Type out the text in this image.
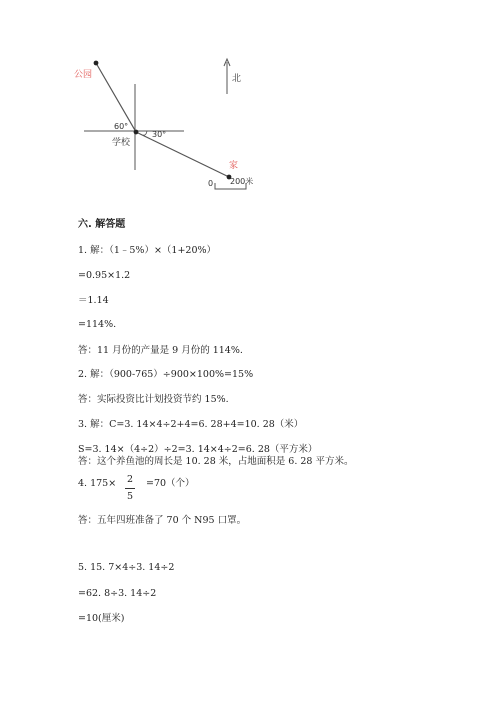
公园
60°
30°
学校
家
北
0 200米
六. 解答题
1. 解：（1﹣5%）×（1+20%）
=0.95×1.2
＝1.14
=114%.
答：11 月份的产量是 9 月份的 114%.
2. 解：（900-765）÷900×100%=15%
答：实际投资比计划投资节约 15%.
3. 解：C=3. 14×4÷2+4=6. 28+4=10. 28（米）
S=3. 14×（4÷2）÷2=3. 14×4÷2=6. 28（平方米）
答：这个养鱼池的周长是 10. 28 米，占地面积是 6. 28 平方米。
4. 175× 2
5
=70（个）
答：五年四班准备了 70 个 N95 口罩。
5. 15. 7×4÷3. 14÷2
=62. 8÷3. 14÷2
=10(厘米)
